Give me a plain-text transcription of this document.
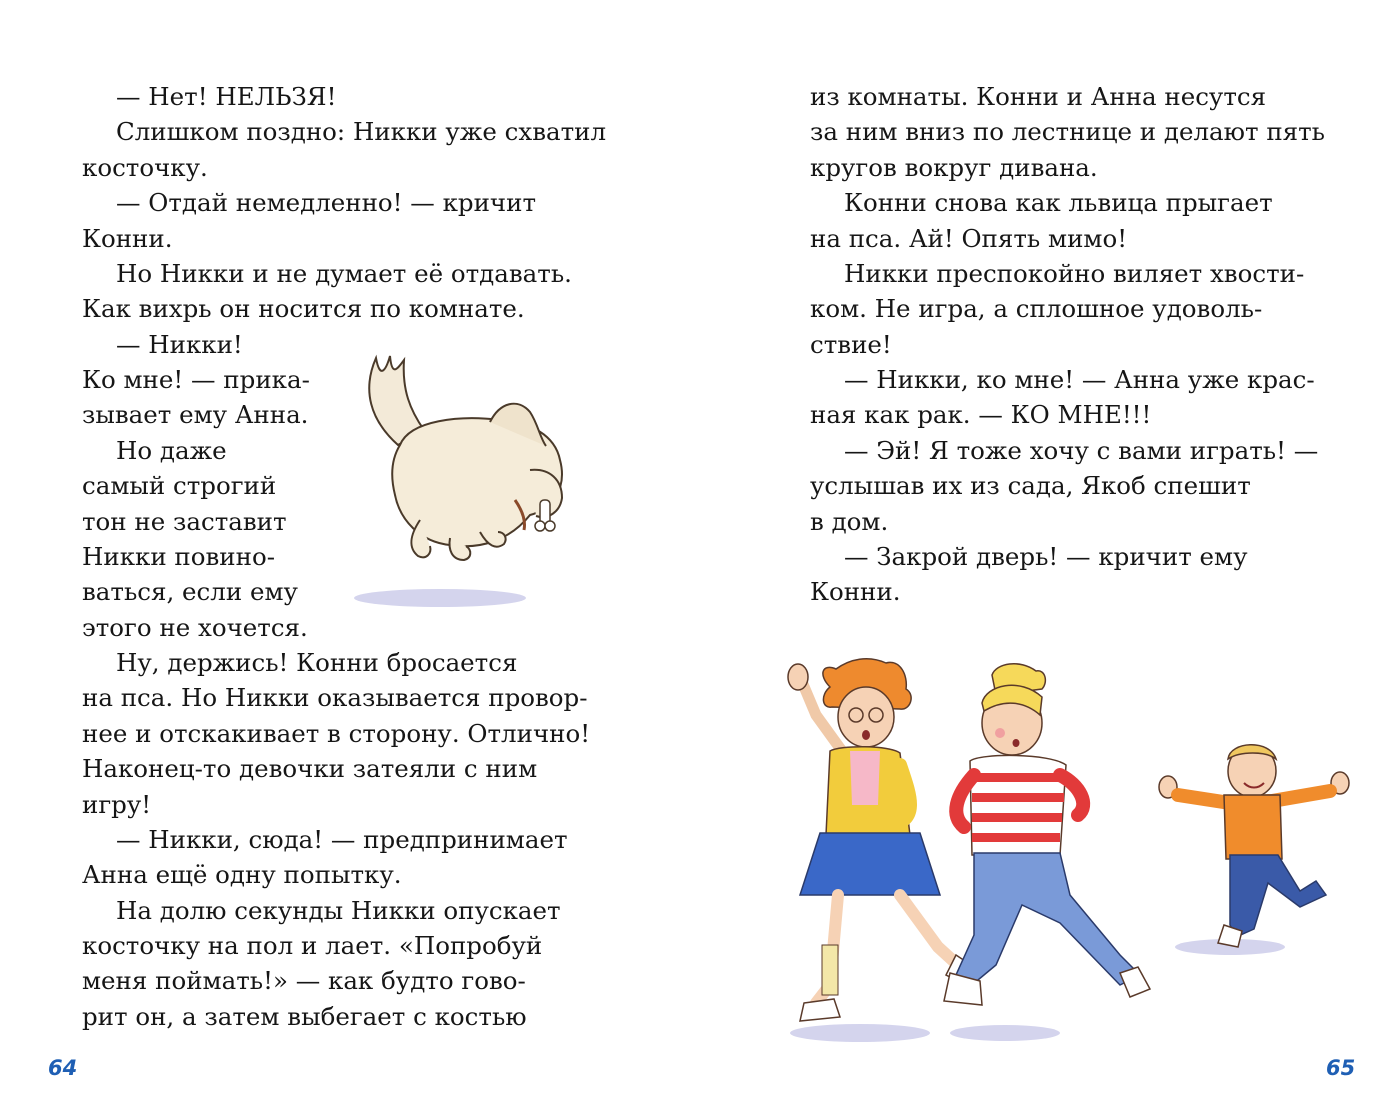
— Нет! НЕЛЬЗЯ!
Слишком поздно: Никки уже схватил
косточку.
— Отдай немедленно! — кричит
Конни.
Но Никки и не думает её отдавать.
Как вихрь он носится по комнате.
— Никки!
Ко мне! — прика-
зывает ему Анна.
Но даже
самый строгий
тон не заставит
Никки повино-
ваться, если ему
этого не хочется.
Ну, держись! Конни бросается
на пса. Но Никки оказывается провор-
нее и отскакивает в сторону. Отлично!
Наконец-то девочки затеяли с ним
игру!
— Никки, сюда! — предпринимает
Анна ещё одну попытку.
На долю секунды Никки опускает
косточку на пол и лает. «Попробуй
меня поймать!» — как будто гово-
рит он, а затем выбегает с костью
64
из комнаты. Конни и Анна несутся
за ним вниз по лестнице и делают пять
кругов вокруг дивана.
Конни снова как львица прыгает
на пса. Ай! Опять мимо!
Никки преспокойно виляет хвости-
ком. Не игра, а сплошное удоволь-
ствие!
— Никки, ко мне! — Анна уже крас-
ная как рак. — КО МНЕ!!!
— Эй! Я тоже хочу с вами играть! —
услышав их из сада, Якоб спешит
в дом.
— Закрой дверь! — кричит ему
Конни.
65
